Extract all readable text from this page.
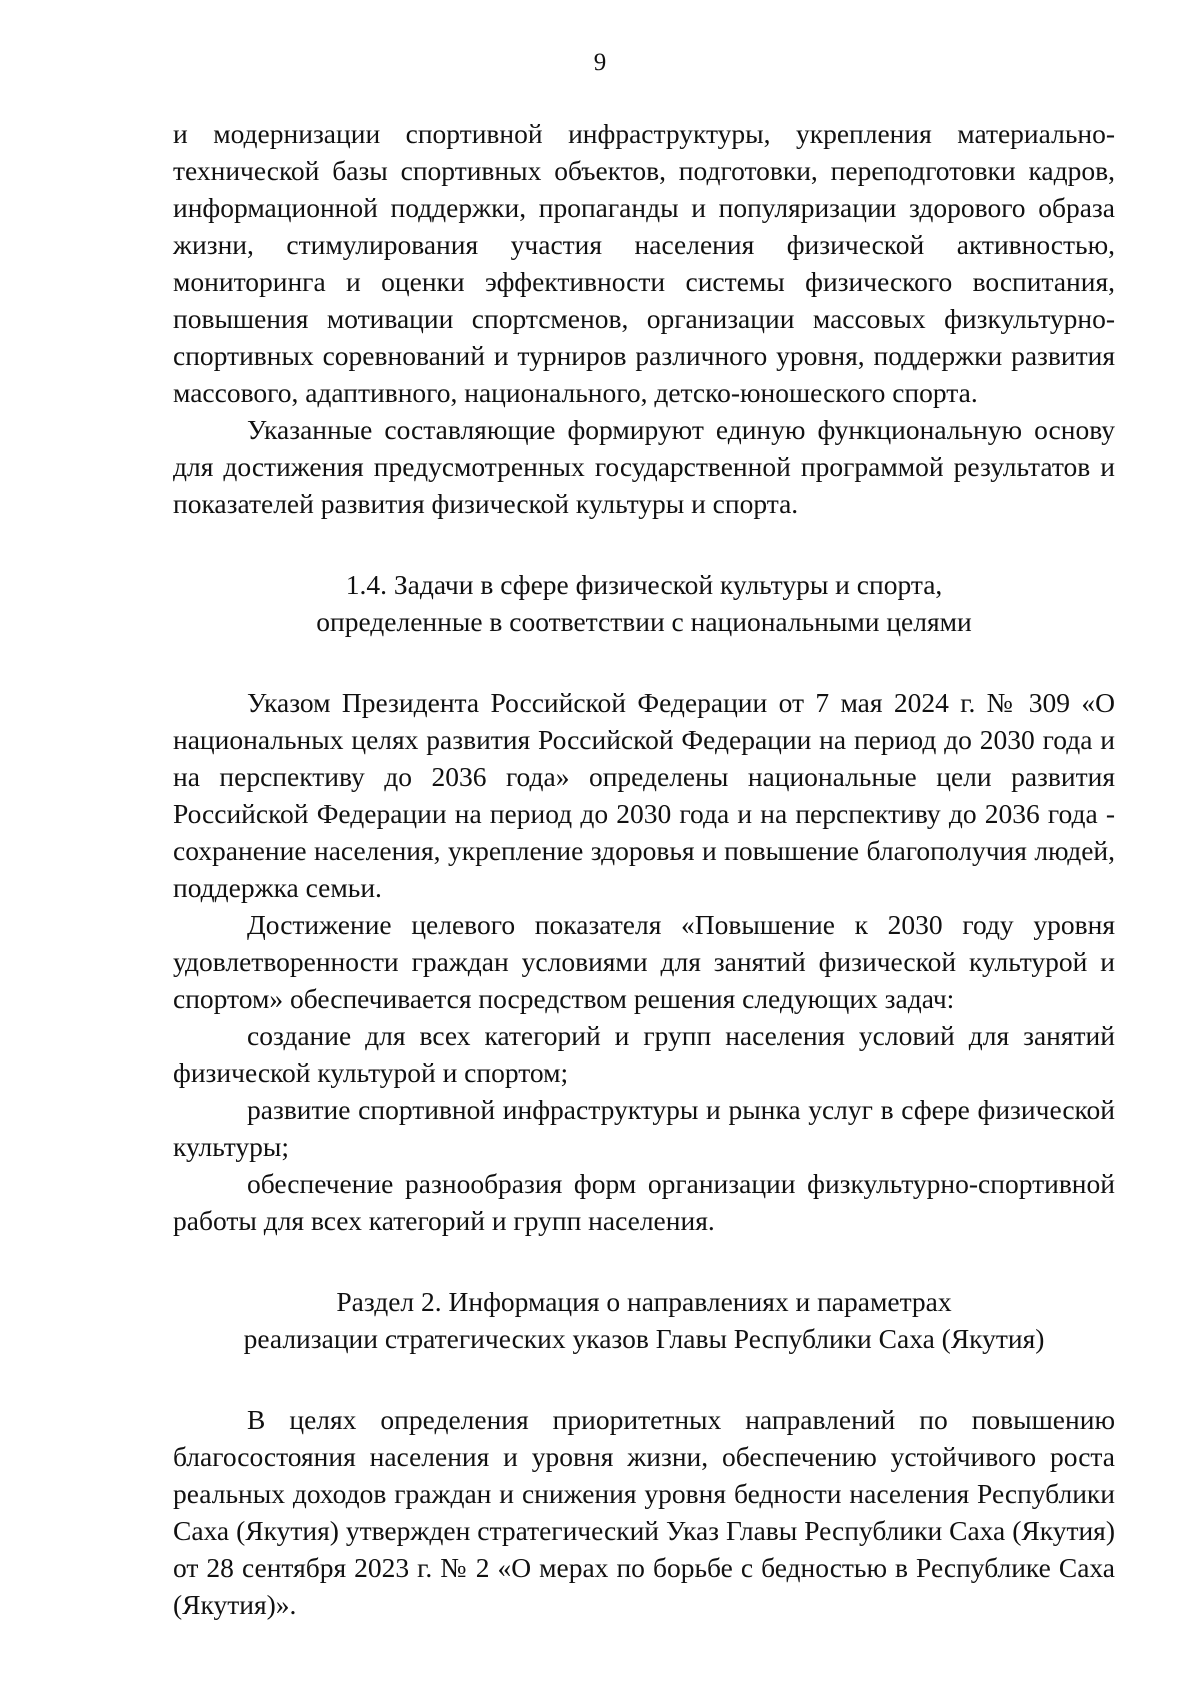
9

и модернизации спортивной инфраструктуры, укрепления материально-технической базы спортивных объектов, подготовки, переподготовки кадров, информационной поддержки, пропаганды и популяризации здорового образа жизни, стимулирования участия населения физической активностью, мониторинга и оценки эффективности системы физического воспитания, повышения мотивации спортсменов, организации массовых физкультурно-спортивных соревнований и турниров различного уровня, поддержки развития массового, адаптивного, национального, детско-юношеского спорта.

Указанные составляющие формируют единую функциональную основу для достижения предусмотренных государственной программой результатов и показателей развития физической культуры и спорта.

1.4. Задачи в сфере физической культуры и спорта,
определенные в соответствии с национальными целями

Указом Президента Российской Федерации от 7 мая 2024 г. № 309 «О национальных целях развития Российской Федерации на период до 2030 года и на перспективу до 2036 года» определены национальные цели развития Российской Федерации на период до 2030 года и на перспективу до 2036 года - сохранение населения, укрепление здоровья и повышение благополучия людей, поддержка семьи.

Достижение целевого показателя «Повышение к 2030 году уровня удовлетворенности граждан условиями для занятий физической культурой и спортом» обеспечивается посредством решения следующих задач:

создание для всех категорий и групп населения условий для занятий физической культурой и спортом;

развитие спортивной инфраструктуры и рынка услуг в сфере физической культуры;

обеспечение разнообразия форм организации физкультурно-спортивной работы для всех категорий и групп населения.

Раздел 2. Информация о направлениях и параметрах
реализации стратегических указов Главы Республики Саха (Якутия)

В целях определения приоритетных направлений по повышению благосостояния населения и уровня жизни, обеспечению устойчивого роста реальных доходов граждан и снижения уровня бедности населения Республики Саха (Якутия) утвержден стратегический Указ Главы Республики Саха (Якутия) от 28 сентября 2023 г. № 2 «О мерах по борьбе с бедностью в Республике Саха (Якутия)».
